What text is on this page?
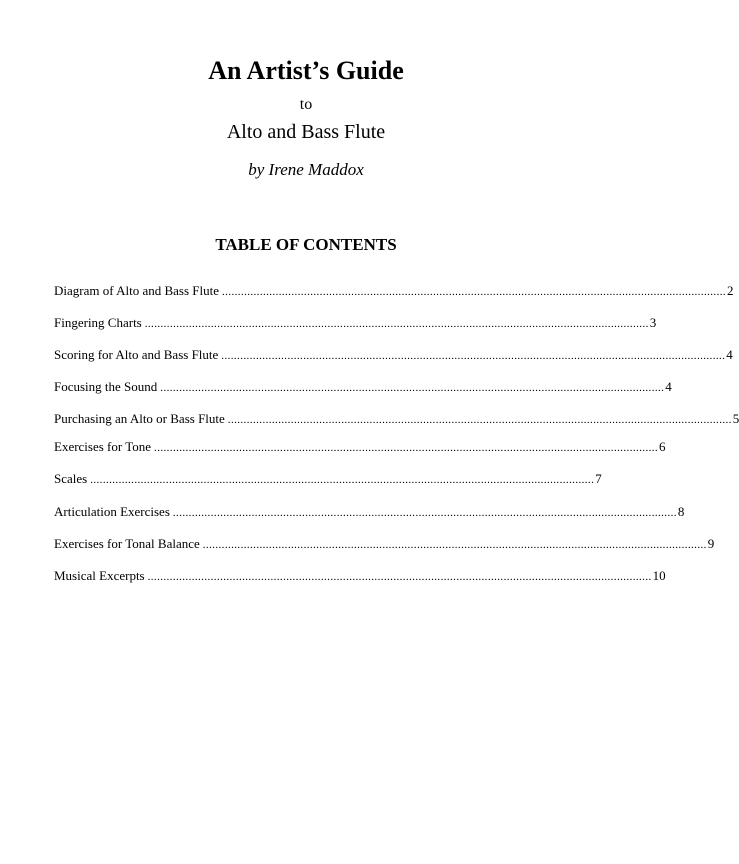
An Artist’s Guide
to
Alto and Bass Flute
by Irene Maddox
TABLE OF CONTENTS
Diagram of Alto and Bass Flute ................................................................................................................................................................ 2
Fingering Charts ................................................................................................................................................................ 3
Scoring for Alto and Bass Flute ................................................................................................................................................................ 4
Focusing the Sound ................................................................................................................................................................ 4
Purchasing an Alto or Bass Flute ................................................................................................................................................................ 5
Exercises for Tone ................................................................................................................................................................ 6
Scales ................................................................................................................................................................ 7
Articulation Exercises ................................................................................................................................................................ 8
Exercises for Tonal Balance ................................................................................................................................................................ 9
Musical Excerpts ................................................................................................................................................................ 10
